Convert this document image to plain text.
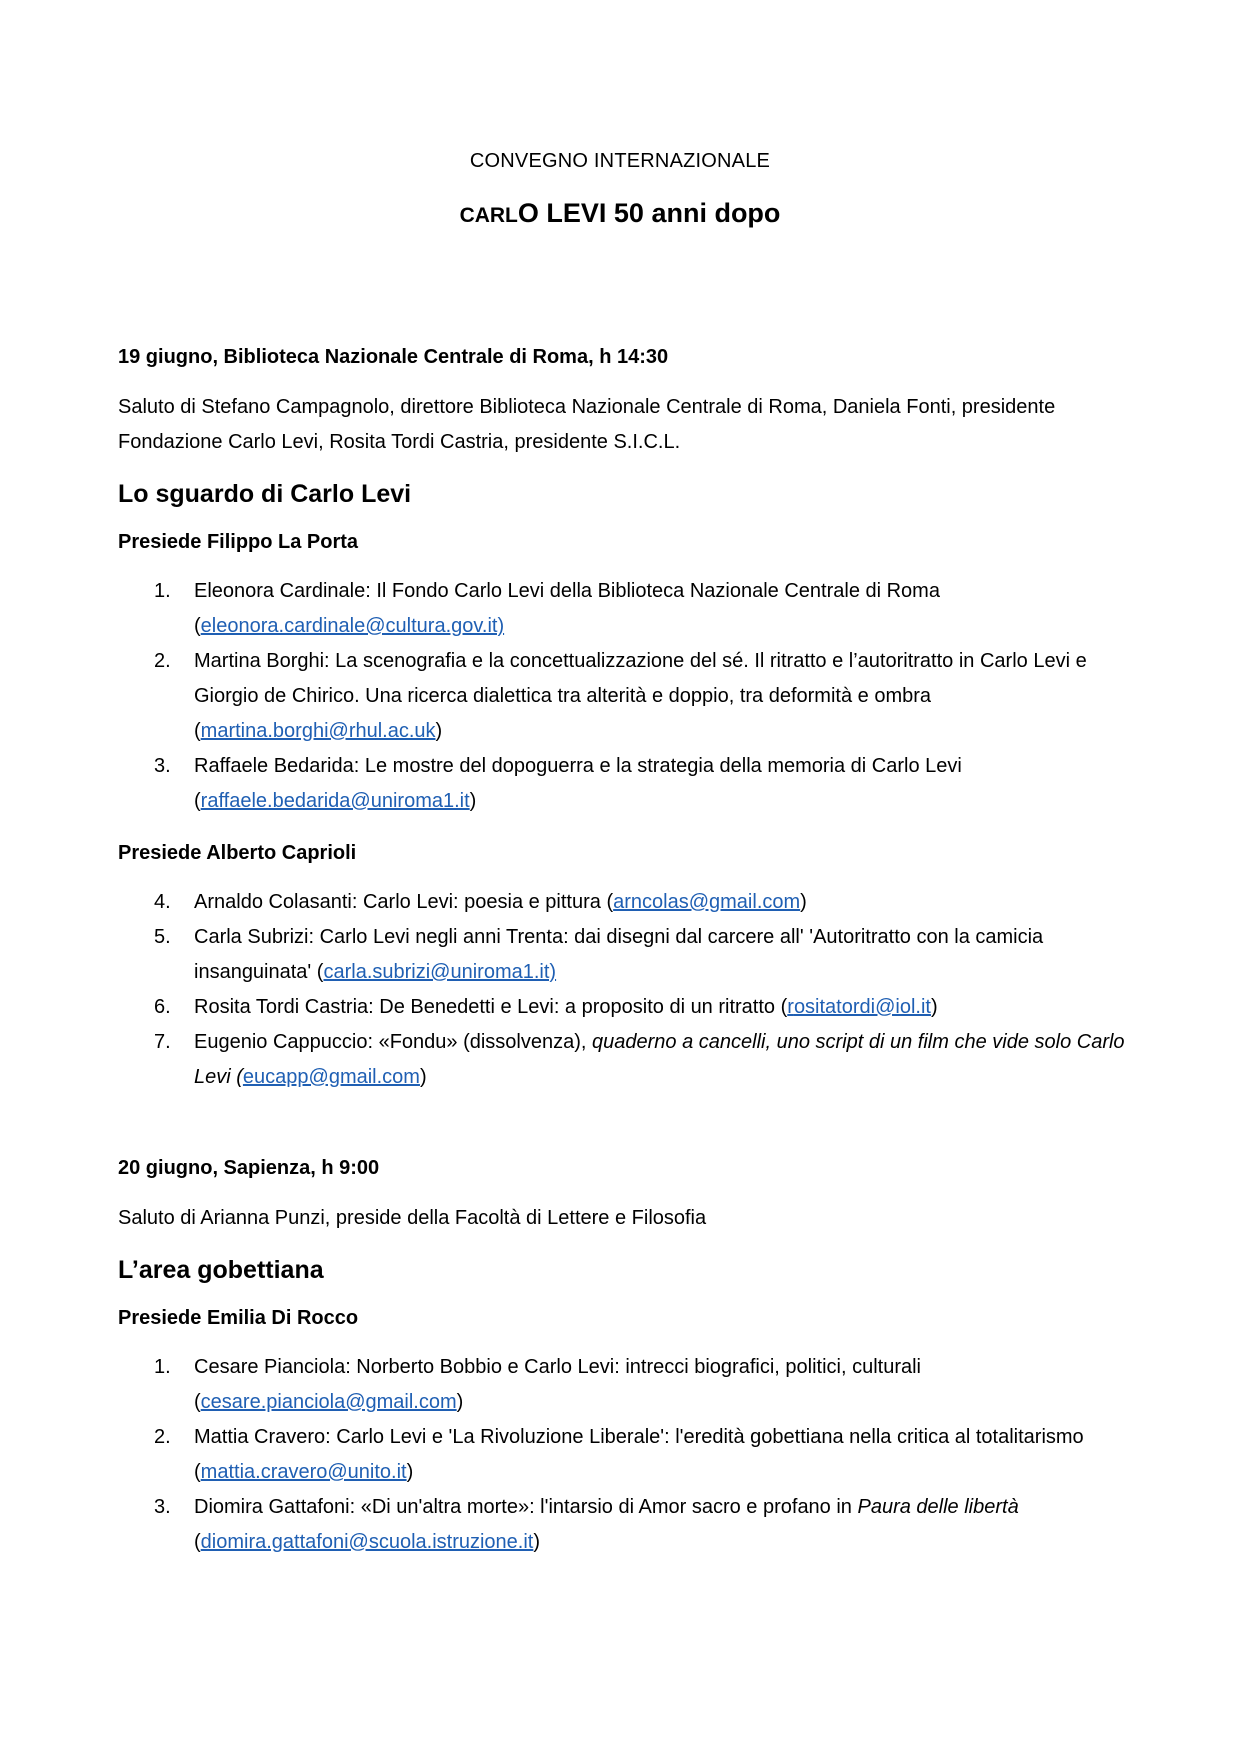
CONVEGNO INTERNAZIONALE
CARLO LEVI 50 anni dopo
19 giugno, Biblioteca Nazionale Centrale di Roma, h 14:30
Saluto di Stefano Campagnolo, direttore Biblioteca Nazionale Centrale di Roma, Daniela Fonti, presidente Fondazione Carlo Levi, Rosita Tordi Castria, presidente S.I.C.L.
Lo sguardo di Carlo Levi
Presiede Filippo La Porta
1. Eleonora Cardinale: Il Fondo Carlo Levi della Biblioteca Nazionale Centrale di Roma (eleonora.cardinale@cultura.gov.it)
2. Martina Borghi: La scenografia e la concettualizzazione del sé. Il ritratto e l’autoritratto in Carlo Levi e Giorgio de Chirico. Una ricerca dialettica tra alterità e doppio, tra deformità e ombra (martina.borghi@rhul.ac.uk)
3. Raffaele Bedarida: Le mostre del dopoguerra e la strategia della memoria di Carlo Levi (raffaele.bedarida@uniroma1.it)
Presiede Alberto Caprioli
4. Arnaldo Colasanti: Carlo Levi: poesia e pittura (arncolas@gmail.com)
5. Carla Subrizi: Carlo Levi negli anni Trenta: dai disegni dal carcere all' 'Autoritratto con la camicia insanguinata' (carla.subrizi@uniroma1.it)
6. Rosita Tordi Castria: De Benedetti e Levi: a proposito di un ritratto (rositatordi@iol.it)
7. Eugenio Cappuccio: «Fondu» (dissolvenza), quaderno a cancelli, uno script di un film che vide solo Carlo Levi (eucapp@gmail.com)
20 giugno, Sapienza, h 9:00
Saluto di Arianna Punzi, preside della Facoltà di Lettere e Filosofia
L’area gobettiana
Presiede Emilia Di Rocco
1. Cesare Pianciola: Norberto Bobbio e Carlo Levi: intrecci biografici, politici, culturali (cesare.pianciola@gmail.com)
2. Mattia Cravero: Carlo Levi e 'La Rivoluzione Liberale': l'eredità gobettiana nella critica al totalitarismo (mattia.cravero@unito.it)
3. Diomira Gattafoni: «Di un'altra morte»: l'intarsio di Amor sacro e profano in Paura delle libertà (diomira.gattafoni@scuola.istruzione.it)
